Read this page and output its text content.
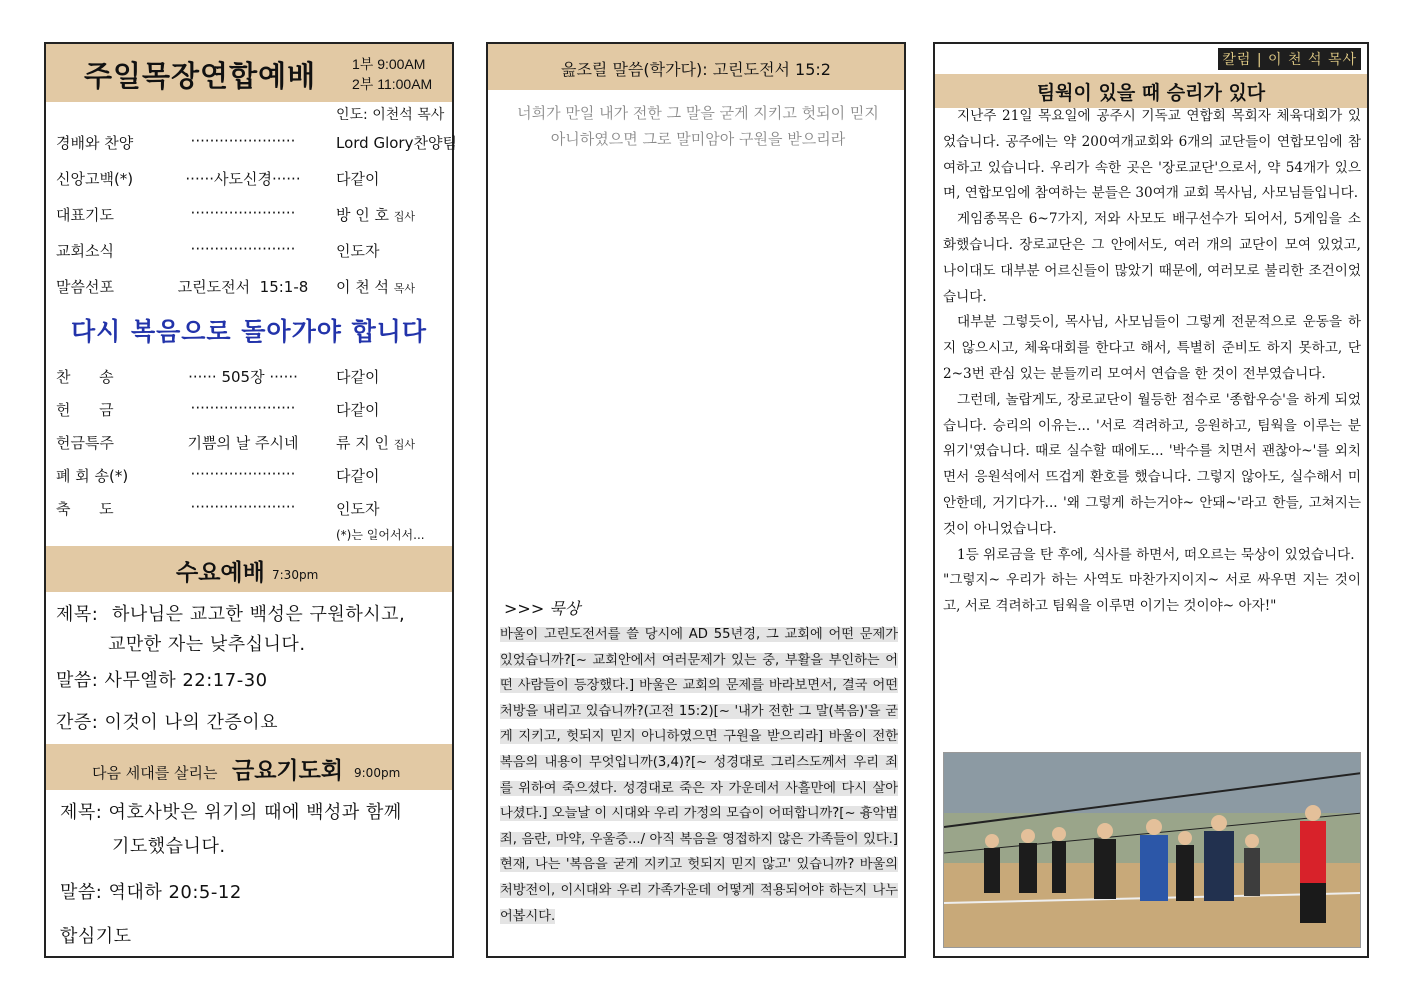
주일목장연합예배	1부 9:00AM
2부 11:00AM
인도: 이천석 목사
경배와 찬양	······················	Lord Glory찬양팀
신앙고백(*)	······사도신경······	다같이
대표기도	······················	방 인 호 집사
교회소식	······················	인도자
말씀선포	고린도전서  15:1-8	이 천 석 목사
다시 복음으로 돌아가야 합니다
찬      송	······ 505장 ······	다같이
헌      금	······················	다같이
헌금특주	기쁨의 날 주시네	류 지 인 집사
폐 회 송(*)	······················	다같이
축      도	······················	인도자
(*)는 일어서서...
수요예배 7:30pm
제목: 하나님은 교고한 백성은 구원하시고,
교만한 자는 낮추십니다.
말씀: 사무엘하 22:17-30
간증: 이것이 나의 간증이요
다음 세대를 살리는 금요기도회 9:00pm
제목: 여호사밧은 위기의 때에 백성과 함께
기도했습니다.
말씀: 역대하 20:5-12
합심기도
읊조릴 말씀(학가다): 고린도전서 15:2
너희가 만일 내가 전한 그 말을 굳게 지키고 헛되이 믿지 아니하였으면 그로 말미암아 구원을 받으리라
>>> 묵상
바울이 고린도전서를 쓸 당시에 AD 55년경, 그 교회에 어떤 문제가 있었습니까?[~ 교회안에서 여러문제가 있는 중, 부활을 부인하는 어떤 사람들이 등장했다.] 바울은 교회의 문제를 바라보면서, 결국 어떤 처방을 내리고 있습니까?(고전 15:2)[~ '내가 전한 그 말(복음)'을 굳게 지키고, 헛되지 믿지 아니하였으면 구원을 받으리라] 바울이 전한 복음의 내용이 무엇입니까(3,4)?[~ 성경대로 그리스도께서 우리 죄를 위하여 죽으셨다. 성경대로 죽은 자 가운데서 사흘만에 다시 살아나셨다.] 오늘날 이 시대와 우리 가정의 모습이 어떠합니까?[~ 흉악범죄, 음란, 마약, 우울증.../ 아직 복음을 영접하지 않은 가족들이 있다.] 현재, 나는 '복음을 굳게 지키고 헛되지 믿지 않고' 있습니까? 바울의 처방전이, 이시대와 우리 가족가운데 어떻게 적용되어야 하는지 나누어봅시다.
칼럼 | 이 천 석 목사
팀웍이 있을 때 승리가 있다

지난주 21일 목요일에 공주시 기독교 연합회 목회자 체육대회가 있었습니다. 공주에는 약 200여개교회와 6개의 교단들이 연합모임에 참여하고 있습니다. 우리가 속한 곳은 '장로교단'으로서, 약 54개가 있으며, 연합모임에 참여하는 분들은 30여개 교회 목사님, 사모님들입니다.

게임종목은 6~7가지, 저와 사모도 배구선수가 되어서, 5게임을 소화했습니다. 장로교단은 그 안에서도, 여러 개의 교단이 모여 있었고, 나이대도 대부분 어르신들이 많았기 때문에, 여러모로 불리한 조건이었습니다.

대부분 그렇듯이, 목사님, 사모님들이 그렇게 전문적으로 운동을 하지 않으시고, 체육대회를 한다고 해서, 특별히 준비도 하지 못하고, 단 2~3번 관심 있는 분들끼리 모여서 연습을 한 것이 전부였습니다.

그런데, 놀랍게도, 장로교단이 월등한 점수로 '종합우승'을 하게 되었습니다. 승리의 이유는... '서로 격려하고, 응원하고, 팀웍을 이루는 분위기'였습니다. 때로 실수할 때에도... '박수를 치면서 괜찮아~'를 외치면서 응원석에서 뜨겁게 환호를 했습니다. 그렇지 않아도, 실수해서 미안한데, 거기다가... '왜 그렇게 하는거야~ 안돼~'라고 한들, 고쳐지는 것이 아니었습니다.

1등 위로금을 탄 후에, 식사를 하면서, 떠오르는 묵상이 있었습니다.

"그렇지~ 우리가 하는 사역도 마찬가지이지~ 서로 싸우면 지는 것이고, 서로 격려하고 팀웍을 이루면 이기는 것이야~ 아자!"
